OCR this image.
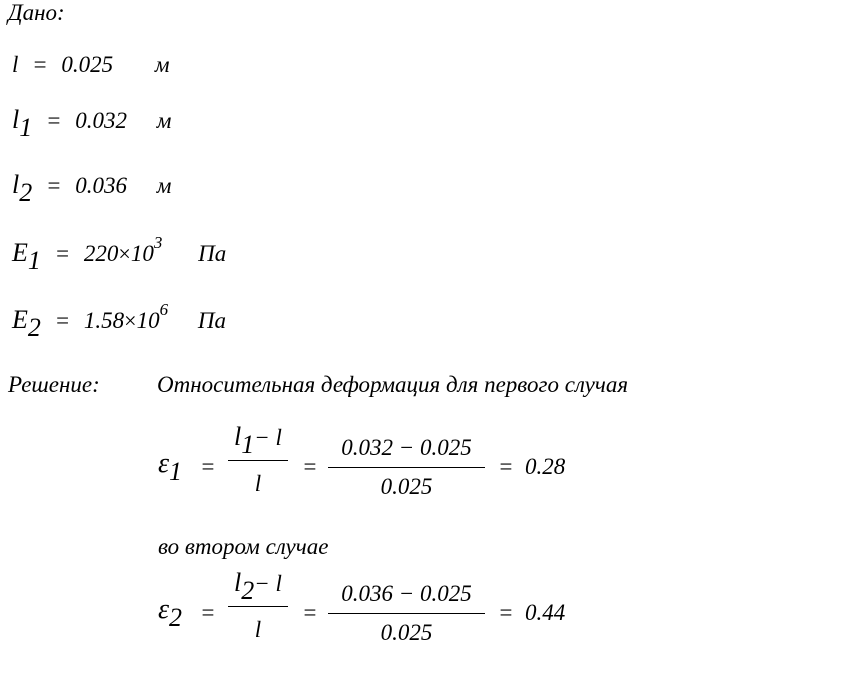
Дано:
l = 0.025 м
l1 = 0.032 м
l2 = 0.036 м
$E1 = 220\times 10^3$ Па
$E2 = 1.58\times 10^6$ Па
Решение: Относительная деформация для первого случая
ε1 =
l1− l
l
=
0.032 − 0.025
0.025
= 0.28
во втором случае
ε2 =
l2− l
l
=
0.036 − 0.025
0.025
= 0.44
